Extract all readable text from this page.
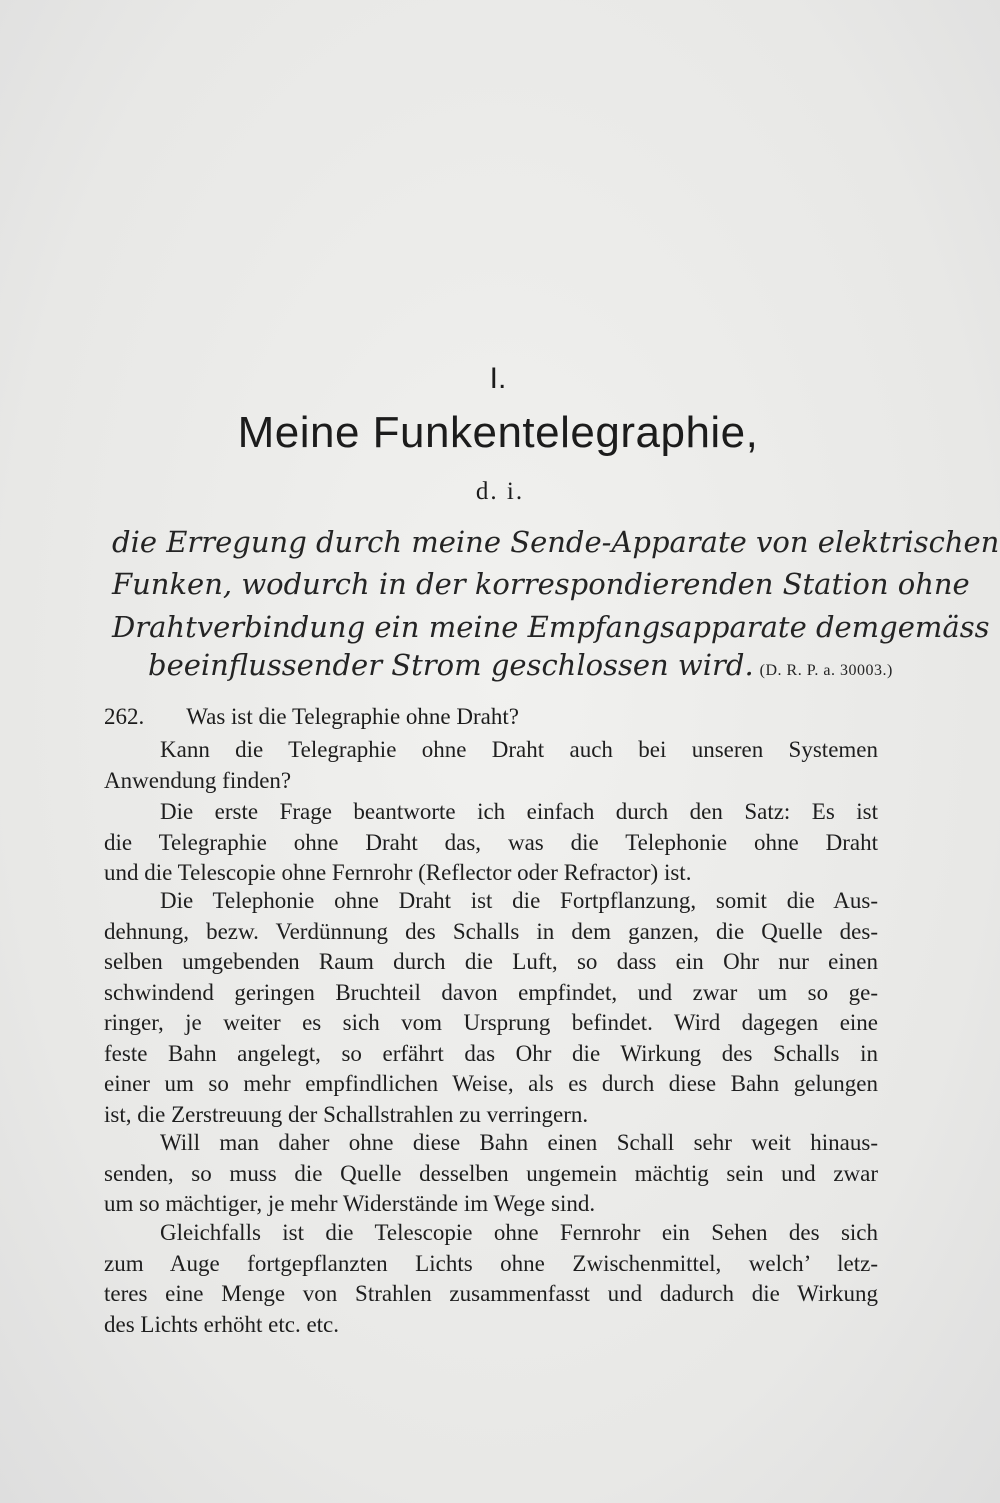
I.
Meine Funkentelegraphie,
d. i.
die Erregung durch meine Sende-Apparate von elektrischen
Funken, wodurch in der korrespondierenden Station ohne
Drahtverbindung ein meine Empfangsapparate demgemäss
beeinflussender Strom geschlossen wird. (D. R. P. a. 30003.)
262. Was ist die Telegraphie ohne Draht?
Kann die Telegraphie ohne Draht auch bei unseren Systemen
Anwendung finden?
Die erste Frage beantworte ich einfach durch den Satz: Es ist
die Telegraphie ohne Draht das, was die Telephonie ohne Draht
und die Telescopie ohne Fernrohr (Reflector oder Refractor) ist.
Die Telephonie ohne Draht ist die Fortpflanzung, somit die Aus-
dehnung, bezw. Verdünnung des Schalls in dem ganzen, die Quelle des-
selben umgebenden Raum durch die Luft, so dass ein Ohr nur einen
schwindend geringen Bruchteil davon empfindet, und zwar um so ge-
ringer, je weiter es sich vom Ursprung befindet. Wird dagegen eine
feste Bahn angelegt, so erfährt das Ohr die Wirkung des Schalls in
einer um so mehr empfindlichen Weise, als es durch diese Bahn gelungen
ist, die Zerstreuung der Schallstrahlen zu verringern.
Will man daher ohne diese Bahn einen Schall sehr weit hinaus-
senden, so muss die Quelle desselben ungemein mächtig sein und zwar
um so mächtiger, je mehr Widerstände im Wege sind.
Gleichfalls ist die Telescopie ohne Fernrohr ein Sehen des sich
zum Auge fortgepflanzten Lichts ohne Zwischenmittel, welch’ letz-
teres eine Menge von Strahlen zusammenfasst und dadurch die Wirkung
des Lichts erhöht etc. etc.
